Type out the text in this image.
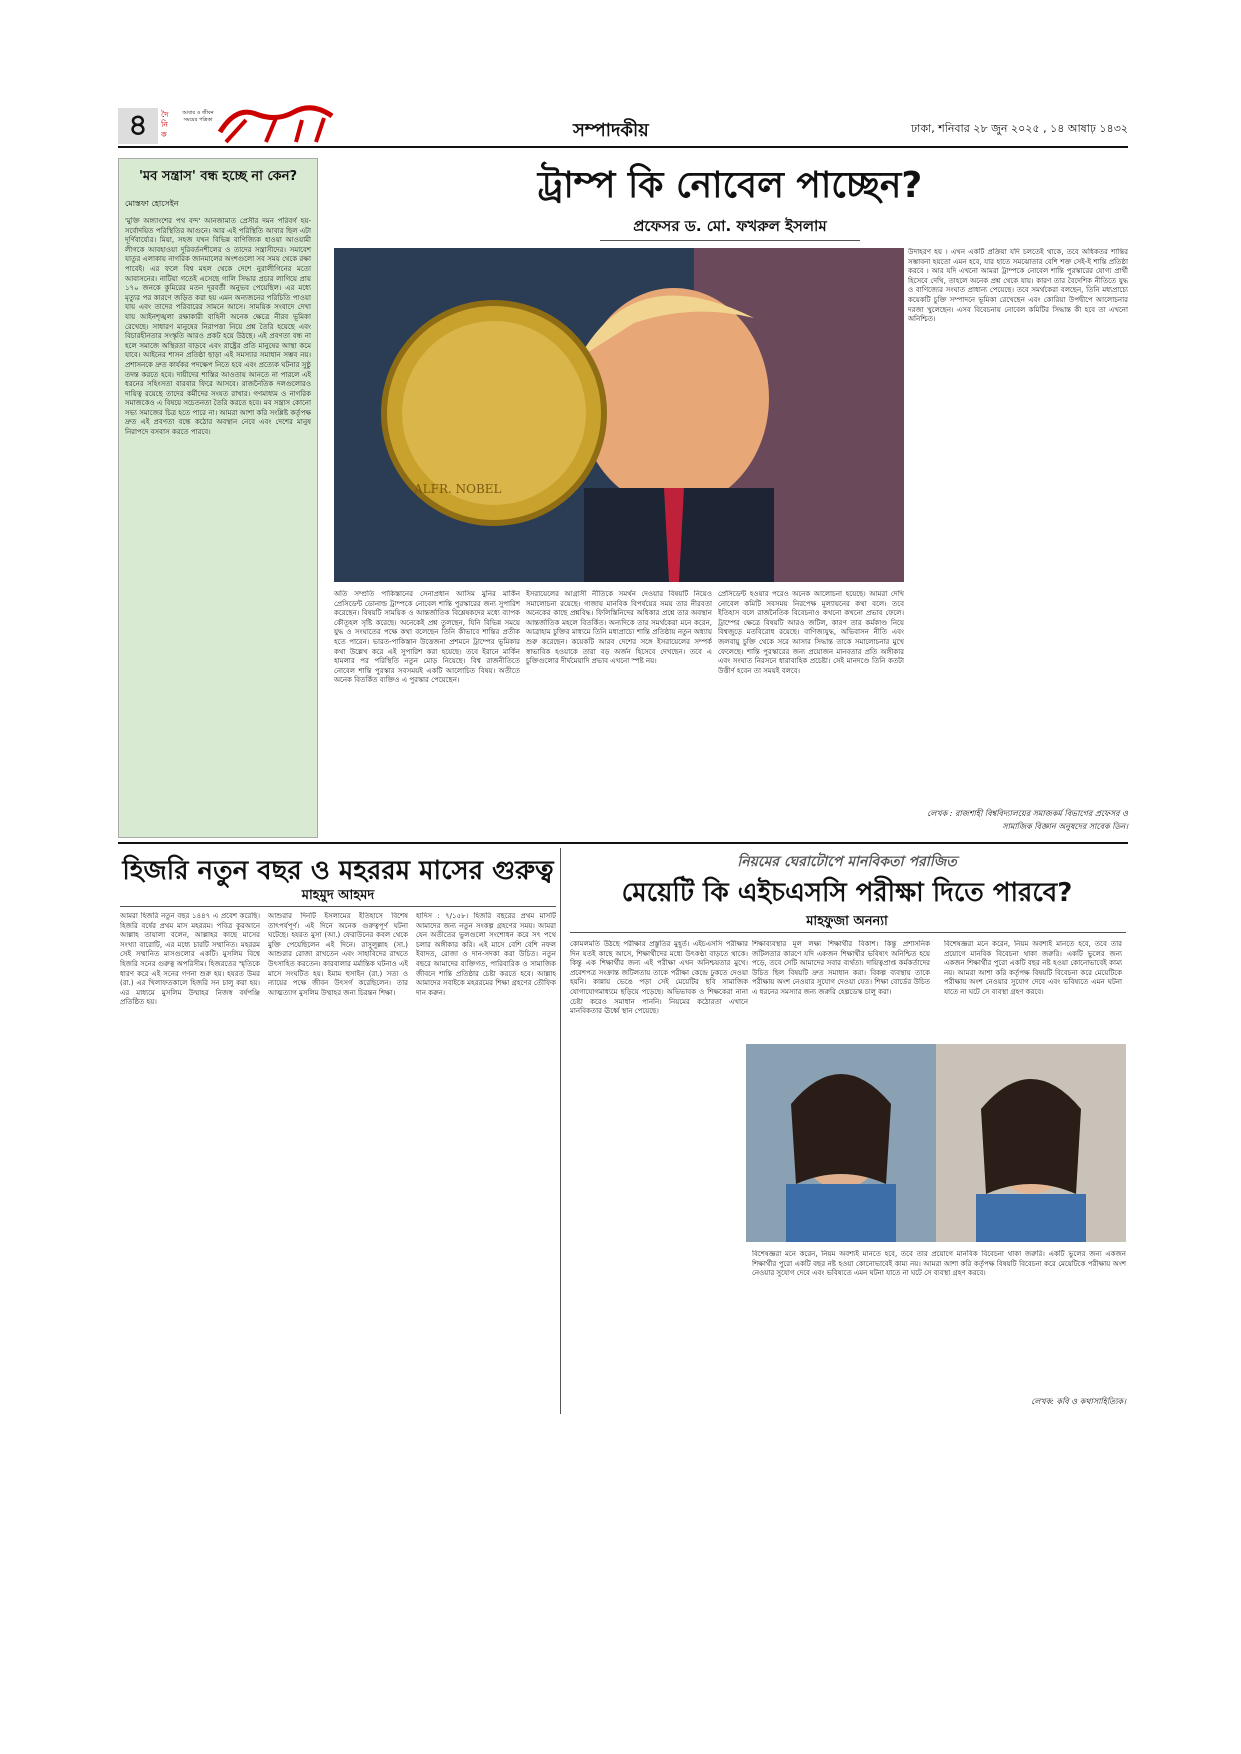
৪	দৈ নি ক
আবার ও জীবন সময়ের পত্রিকা	সম্পাদকীয়	ঢাকা, শনিবার ২৮ জুন ২০২৫ , ১৪ আষাঢ় ১৪৩২
'মব সন্ত্রাস' বন্ধ হচ্ছে না কেন?
মোস্তফা হোসেইন
'মুক্তি অঙ্গ্যাংশের পথ বন্দ' আনজামাত প্রেসীর দমন পরিবর্গ হয়- সর্বোদয়িত পরিস্থিতির আগুনে। আর এই পরিস্থিতি আবার ছিল এটা দূর্ণিবার্য্যের। মিয়া, সহজ যখন বিভিন্ন বাণিজ্যিক হাওয়া আওয়ামী লীগকে আবহাওয়া দুরিবর্তনশীলের ও তাদের সন্ত্রাসীদের। সমাবেশ যাতুর এলাকায় নাগরিক জানমালের অংশগুলো সব সময় থেকে রক্ষা পাবেই। এর ফলে বিশ্ব মহল থেকে দেশে নুরালীগিনের মতো আবাসনের। নাটিয়া গতেই এসেছে গালি সিদ্ধার প্রচার লাগিয়ে প্রায় ১৭০ জনকে কুমিরের মতন দূরবর্তী অনুভব পেয়েছিল। এর মধ্যে মৃত্যুর পর কারণে জড়িত করা হয় এমন অন্যজনের পরিচিতি পাওয়া যায় এবং তাদের পরিবারের সামনে আসে। সাময়িক সংবাদে দেখা যায় আইনশৃঙ্খলা রক্ষাকারী বাহিনী অনেক ক্ষেত্রে নীরব ভূমিকা রেখেছে। সাধারণ মানুষের নিরাপত্তা নিয়ে প্রশ্ন তৈরি হয়েছে এবং বিচারহীনতার সংস্কৃতি আরও প্রকট হয়ে উঠছে। এই প্রবণতা বন্ধ না হলে সমাজে অস্থিরতা বাড়বে এবং রাষ্ট্রের প্রতি মানুষের আস্থা কমে যাবে। আইনের শাসন প্রতিষ্ঠা ছাড়া এই সমস্যার সমাধান সম্ভব নয়। প্রশাসনকে দ্রুত কার্যকর পদক্ষেপ নিতে হবে এবং প্রত্যেক ঘটনার সুষ্ঠু তদন্ত করতে হবে। দায়ীদের শাস্তির আওতায় আনতে না পারলে এই ধরনের সহিংসতা বারবার ফিরে আসবে। রাজনৈতিক দলগুলোরও দায়িত্ব রয়েছে তাদের কর্মীদের সংযত রাখার। গণমাধ্যম ও নাগরিক সমাজকেও এ বিষয়ে সচেতনতা তৈরি করতে হবে। মব সন্ত্রাস কোনো সভ্য সমাজের চিত্র হতে পারে না। আমরা আশা করি সংশ্লিষ্ট কর্তৃপক্ষ দ্রুত এই প্রবণতা বন্ধে কঠোর অবস্থান নেবে এবং দেশের মানুষ নিরাপদে বসবাস করতে পারবে।
ট্রাম্প কি নোবেল পাচ্ছেন?
প্রফেসর ড. মো. ফখরুল ইসলাম
ALFR. NOBEL
উদাহরণ হয় । এখন একটি প্রক্রিয়া যদি চলতেই থাকে, তবে অধিকতর শান্তির সম্ভাবনা হয়তো এমন হবে, যার হাতে সমঝোতার বেশি শক্ত সেই-ই শান্তি প্রতিষ্ঠা করবে । আর যদি এখনো আমরা ট্রাম্পকে নোবেল শান্তি পুরস্কারের যোগ্য প্রার্থী হিসেবে দেখি, তাহলে অনেক প্রশ্ন থেকে যায়। কারণ তার বৈদেশিক নীতিতে যুদ্ধ ও বাণিজ্যের সংঘাত প্রাধান্য পেয়েছে। তবে সমর্থকেরা বলছেন, তিনি মধ্যপ্রাচ্যে কয়েকটি চুক্তি সম্পাদনে ভূমিকা রেখেছেন এবং কোরিয়া উপদ্বীপে আলোচনার দরজা খুলেছেন। এসব বিবেচনায় নোবেল কমিটির সিদ্ধান্ত কী হবে তা এখনো অনিশ্চিত।
অতি সম্প্রতি পাকিস্তানের সেনাপ্রধান আসিম মুনির মার্কিন প্রেসিডেন্ট ডোনাল্ড ট্রাম্পকে নোবেল শান্তি পুরস্কারের জন্য সুপারিশ করেছেন। বিষয়টি সাময়িক ও আন্তর্জাতিক বিশ্লেষকদের মধ্যে ব্যাপক কৌতূহল সৃষ্টি করেছে। অনেকেই প্রশ্ন তুলছেন, যিনি বিভিন্ন সময়ে যুদ্ধ ও সংঘাতের পক্ষে কথা বলেছেন তিনি কীভাবে শান্তির প্রতীক হতে পারেন। ভারত-পাকিস্তান উত্তেজনা প্রশমনে ট্রাম্পের ভূমিকার কথা উল্লেখ করে এই সুপারিশ করা হয়েছে। তবে ইরানে মার্কিন হামলার পর পরিস্থিতি নতুন মোড় নিয়েছে। বিশ্ব রাজনীতিতে নোবেল শান্তি পুরস্কার সবসময়ই একটি আলোচিত বিষয়। অতীতে অনেক বিতর্কিত ব্যক্তিও এ পুরস্কার পেয়েছেন।
ইসরায়েলের আগ্রাসী নীতিকে সমর্থন দেওয়ার বিষয়টি নিয়েও সমালোচনা রয়েছে। গাজায় মানবিক বিপর্যয়ের সময় তার নীরবতা অনেকের কাছে প্রশ্নবিদ্ধ। ফিলিস্তিনিদের অধিকার প্রশ্নে তার অবস্থান আন্তর্জাতিক মহলে বিতর্কিত। অন্যদিকে তার সমর্থকেরা মনে করেন, আব্রাহাম চুক্তির মাধ্যমে তিনি মধ্যপ্রাচ্যে শান্তি প্রতিষ্ঠায় নতুন অধ্যায় শুরু করেছেন। কয়েকটি আরব দেশের সঙ্গে ইসরায়েলের সম্পর্ক স্বাভাবিক হওয়াকে তারা বড় অর্জন হিসেবে দেখছেন। তবে এ চুক্তিগুলোর দীর্ঘমেয়াদি প্রভাব এখনো স্পষ্ট নয়।
প্রেসিডেন্ট হওয়ার পরেও অনেক আলোচনা হয়েছে। আমরা দেখি নোবেল কমিটি সবসময় নিরপেক্ষ মূল্যায়নের কথা বলে। তবে ইতিহাস বলে রাজনৈতিক বিবেচনাও কখনো কখনো প্রভাব ফেলে। ট্রাম্পের ক্ষেত্রে বিষয়টি আরও জটিল, কারণ তার কর্মকাণ্ড নিয়ে বিশ্বজুড়ে মতবিরোধ রয়েছে। বাণিজ্যযুদ্ধ, অভিবাসন নীতি এবং জলবায়ু চুক্তি থেকে সরে আসার সিদ্ধান্ত তাকে সমালোচনার মুখে ফেলেছে। শান্তি পুরস্কারের জন্য প্রয়োজন মানবতার প্রতি অঙ্গীকার এবং সংঘাত নিরসনে ধারাবাহিক প্রচেষ্টা। সেই মানদণ্ডে তিনি কতটা উত্তীর্ণ হবেন তা সময়ই বলবে।
লেখক : রাজশাহী বিশ্ববিদ্যালয়ের সমাজকর্ম বিভাগের প্রফেসর ও সামাজিক বিজ্ঞান অনুষদের সাবেক ডিন।
হিজরি নতুন বছর ও মহররম মাসের গুরুত্ব
মাহমুদ আহমদ
আমরা হিজরি নতুন বছর ১৪৪৭ এ প্রবেশ করেছি। হিজরি বর্ষের প্রথম মাস মহররম। পবিত্র কুরআনে আল্লাহ তায়ালা বলেন, আল্লাহর কাছে মাসের সংখ্যা বারোটি, এর মধ্যে চারটি সম্মানিত। মহররম সেই সম্মানিত মাসগুলোর একটি। মুসলিম বিশ্বে হিজরি সনের গুরুত্ব অপরিসীম। হিজরতের স্মৃতিকে ধারণ করে এই সনের গণনা শুরু হয়। হযরত উমর (রা.) এর খিলাফতকালে হিজরি সন চালু করা হয়। এর মাধ্যমে মুসলিম উম্মাহর নিজস্ব বর্ষপঞ্জি প্রতিষ্ঠিত হয়।
আশুরার দিনটি ইসলামের ইতিহাসে বিশেষ তাৎপর্যপূর্ণ। এই দিনে অনেক গুরুত্বপূর্ণ ঘটনা ঘটেছে। হযরত মুসা (আ.) ফেরাউনের কবল থেকে মুক্তি পেয়েছিলেন এই দিনে। রাসুলুল্লাহ (সা.) আশুরার রোজা রাখতেন এবং সাহাবিদের রাখতে উৎসাহিত করতেন। কারবালার মর্মান্তিক ঘটনাও এই মাসে সংঘটিত হয়। ইমাম হুসাইন (রা.) সত্য ও ন্যায়ের পক্ষে জীবন উৎসর্গ করেছিলেন। তার আত্মত্যাগ মুসলিম উম্মাহর জন্য চিরন্তন শিক্ষা।
হাদিস : ৭/১৫৮। হিজরি বছরের প্রথম মাসটি আমাদের জন্য নতুন সংকল্প গ্রহণের সময়। আমরা যেন অতীতের ভুলগুলো সংশোধন করে সৎ পথে চলার অঙ্গীকার করি। এই মাসে বেশি বেশি নফল ইবাদত, রোজা ও দান-সদকা করা উচিত। নতুন বছরে আমাদের ব্যক্তিগত, পারিবারিক ও সামাজিক জীবনে শান্তি প্রতিষ্ঠার চেষ্টা করতে হবে। আল্লাহ আমাদের সবাইকে মহররমের শিক্ষা গ্রহণের তৌফিক দান করুন।
নিয়মের ঘেরাটোপে মানবিকতা পরাজিত
মেয়েটি কি এইচএসসি পরীক্ষা দিতে পারবে?
মাহফুজা অনন্যা
কোমলমতি উঠছে পরীক্ষার প্রস্তুতির মুহূর্ত। এইচএসসি পরীক্ষার দিন যতই কাছে আসে, শিক্ষার্থীদের মধ্যে উৎকণ্ঠা বাড়তে থাকে। কিন্তু এক শিক্ষার্থীর জন্য এই পরীক্ষা এখন অনিশ্চয়তার মুখে। প্রবেশপত্র সংক্রান্ত জটিলতায় তাকে পরীক্ষা কেন্দ্রে ঢুকতে দেওয়া হয়নি। কান্নায় ভেঙে পড়া সেই মেয়েটির ছবি সামাজিক যোগাযোগমাধ্যমে ছড়িয়ে পড়েছে। অভিভাবক ও শিক্ষকেরা নানা চেষ্টা করেও সমাধান পাননি। নিয়মের কঠোরতা এখানে মানবিকতার ঊর্ধ্বে স্থান পেয়েছে।
শিক্ষাব্যবস্থার মূল লক্ষ্য শিক্ষার্থীর বিকাশ। কিন্তু প্রশাসনিক জটিলতার কারণে যদি একজন শিক্ষার্থীর ভবিষ্যৎ অনিশ্চিত হয়ে পড়ে, তবে সেটি আমাদের সবার ব্যর্থতা। দায়িত্বপ্রাপ্ত কর্মকর্তাদের উচিত ছিল বিষয়টি দ্রুত সমাধান করা। বিকল্প ব্যবস্থায় তাকে পরীক্ষায় অংশ নেওয়ার সুযোগ দেওয়া যেত। শিক্ষা বোর্ডের উচিত এ ধরনের সমস্যার জন্য জরুরি হেল্পডেস্ক চালু করা।
বিশেষজ্ঞরা মনে করেন, নিয়ম অবশ্যই মানতে হবে, তবে তার প্রয়োগে মানবিক বিবেচনা থাকা জরুরি। একটি ভুলের জন্য একজন শিক্ষার্থীর পুরো একটি বছর নষ্ট হওয়া কোনোভাবেই কাম্য নয়। আমরা আশা করি কর্তৃপক্ষ বিষয়টি বিবেচনা করে মেয়েটিকে পরীক্ষায় অংশ নেওয়ার সুযোগ দেবে এবং ভবিষ্যতে এমন ঘটনা যাতে না ঘটে সে ব্যবস্থা গ্রহণ করবে।
বিশেষজ্ঞরা মনে করেন, নিয়ম অবশ্যই মানতে হবে, তবে তার প্রয়োগে মানবিক বিবেচনা থাকা জরুরি। একটি ভুলের জন্য একজন শিক্ষার্থীর পুরো একটি বছর নষ্ট হওয়া কোনোভাবেই কাম্য নয়। আমরা আশা করি কর্তৃপক্ষ বিষয়টি বিবেচনা করে মেয়েটিকে পরীক্ষায় অংশ নেওয়ার সুযোগ দেবে এবং ভবিষ্যতে এমন ঘটনা যাতে না ঘটে সে ব্যবস্থা গ্রহণ করবে।
লেখক: কবি ও কথাসাহিত্যিক।
